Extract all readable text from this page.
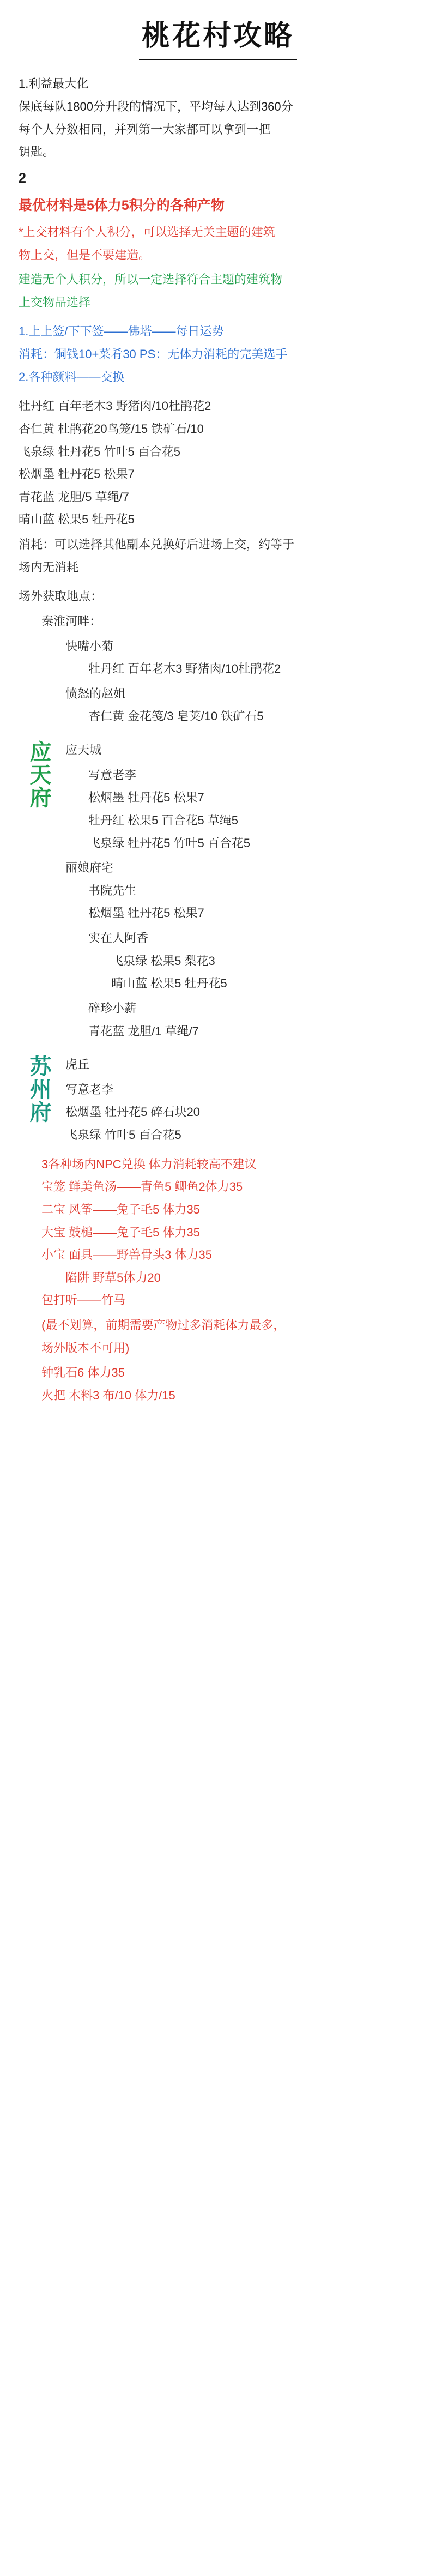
桃花村攻略
1.利益最大化
保底每队1800分升段的情况下，平均每人达到360分
每个人分数相同，并列第一大家都可以拿到一把
钥匙。
2
最优材料是5体力5积分的各种产物
*上交材料有个人积分，可以选择无关主题的建筑
物上交，但是不要建造。
建造无个人积分，所以一定选择符合主题的建筑物
上交物品选择
1.上上签/下下签——佛塔——每日运势
消耗：铜钱10+菜肴30 PS：无体力消耗的完美选手
2.各种颜料——交换
牡丹红 百年老木3 野猪肉/10杜鹃花2
杏仁黄 杜鹃花20鸟笼/15 铁矿石/10
飞泉绿 牡丹花5 竹叶5 百合花5
松烟墨 牡丹花5 松果7
青花蓝 龙胆/5 草绳/7
晴山蓝 松果5 牡丹花5
消耗：可以选择其他副本兑换好后进场上交，约等于
场内无消耗
场外获取地点：
秦淮河畔：
快嘴小菊
牡丹红 百年老木3 野猪肉/10杜鹃花2
愤怒的赵姐
杏仁黄 金花笺/3 皂荚/10 铁矿石5
应天府	应天城
写意老李
松烟墨 牡丹花5 松果7
牡丹红 松果5 百合花5 草绳5
飞泉绿 牡丹花5 竹叶5 百合花5
丽娘府宅
书院先生
松烟墨 牡丹花5 松果7
实在人阿香
飞泉绿 松果5 梨花3
晴山蓝 松果5 牡丹花5
碎珍小薪
青花蓝 龙胆/1 草绳/7
苏州府	虎丘
写意老李
松烟墨 牡丹花5 碎石块20
飞泉绿 竹叶5 百合花5
3各种场内NPC兑换 体力消耗较高不建议
宝笼 鲜美鱼汤——青鱼5 鲫鱼2体力35
二宝 风筝——兔子毛5 体力35
大宝 鼓槌——兔子毛5 体力35
小宝 面具——野兽骨头3 体力35
陷阱 野草5体力20
包打听——竹马
(最不划算，前期需要产物过多消耗体力最多，
场外版本不可用)
钟乳石6 体力35
火把 木料3 布/10 体力/15
